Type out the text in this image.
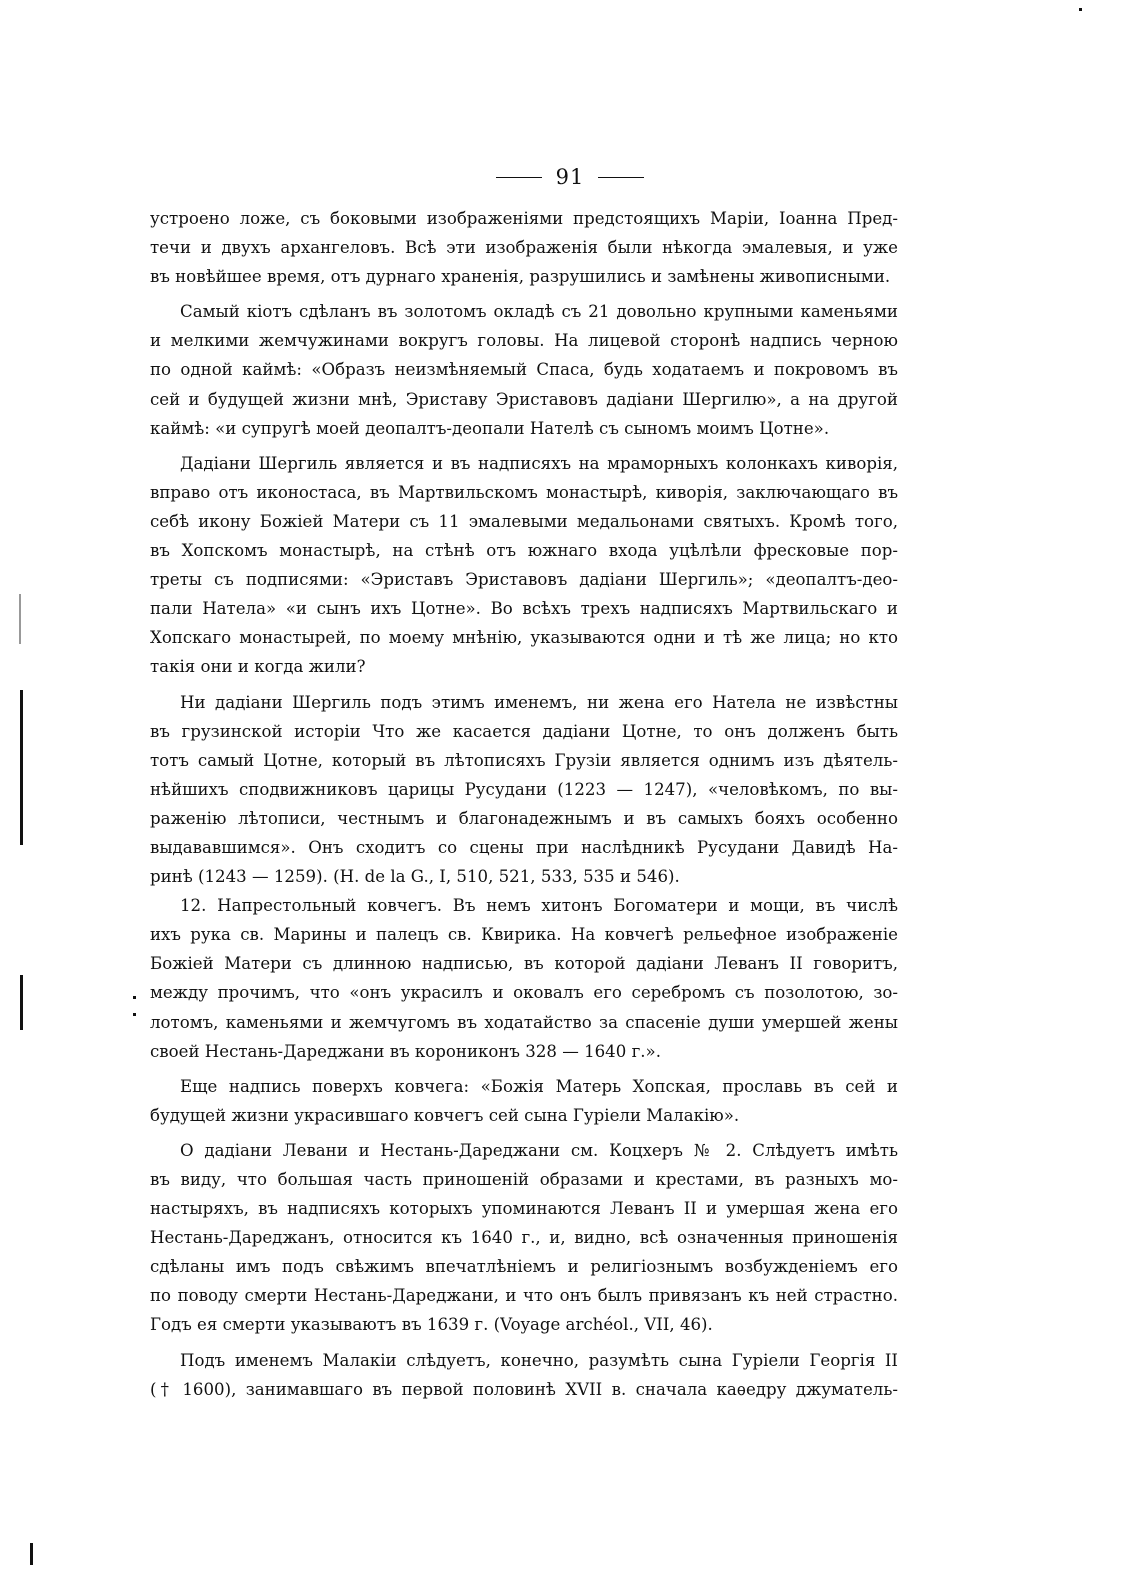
91
устроено ложе, съ боковыми изображеніями предстоящихъ Маріи, Іоанна Пред-
течи и двухъ архангеловъ. Всѣ эти изображенія были нѣкогда эмалевыя, и уже
въ новѣйшее время, отъ дурнаго храненія, разрушились и замѣнены живописными.
Самый кіотъ сдѣланъ въ золотомъ окладѣ съ 21 довольно крупными каменьями
и мелкими жемчужинами вокругъ головы. На лицевой сторонѣ надпись черною
по одной каймѣ: «Образъ неизмѣняемый Спаса, будь ходатаемъ и покровомъ въ
сей и будущей жизни мнѣ, Эриставу Эриставовъ дадіани Шергилю», а на другой
каймѣ: «и супругѣ моей деопалтъ-деопали Нателѣ съ сыномъ моимъ Цотне».
Дадіани Шергиль является и въ надписяхъ на мраморныхъ колонкахъ киворія,
вправо отъ иконостаса, въ Мартвильскомъ монастырѣ, киворія, заключающаго въ
себѣ икону Божіей Матери съ 11 эмалевыми медальонами святыхъ. Кромѣ того,
въ Хопскомъ монастырѣ, на стѣнѣ отъ южнаго входа уцѣлѣли фресковые пор-
треты съ подписями: «Эриставъ Эриставовъ дадіани Шергиль»; «деопалтъ-део-
пали Натела» «и сынъ ихъ Цотне». Во всѣхъ трехъ надписяхъ Мартвильскаго и
Хопскаго монастырей, по моему мнѣнію, указываются одни и тѣ же лица; но кто
такія они и когда жили?
Ни дадіани Шергиль подъ этимъ именемъ, ни жена его Натела не извѣстны
въ грузинской исторіи Что же касается дадіани Цотне, то онъ долженъ быть
тотъ самый Цотне, который въ лѣтописяхъ Грузіи является однимъ изъ дѣятель-
нѣйшихъ сподвижниковъ царицы Русудани (1223 — 1247), «человѣкомъ, по вы-
раженію лѣтописи, честнымъ и благонадежнымъ и въ самыхъ бояхъ особенно
выдававшимся». Онъ сходитъ со сцены при наслѣдникѣ Русудани Давидѣ На-
ринѣ (1243 — 1259). (H. de la G., I, 510, 521, 533, 535 и 546).
12. Напрестольный ковчегъ. Въ немъ хитонъ Богоматери и мощи, въ числѣ
ихъ рука св. Марины и палецъ св. Квирика. На ковчегѣ рельефное изображеніе
Божіей Матери съ длинною надписью, въ которой дадіани Леванъ II говоритъ,
между прочимъ, что «онъ украсилъ и оковалъ его серебромъ съ позолотою, зо-
лотомъ, каменьями и жемчугомъ въ ходатайство за спасеніе души умершей жены
своей Нестань-Дареджани въ корониконъ 328 — 1640 г.».
Еще надпись поверхъ ковчега: «Божія Матерь Хопская, прославь въ сей и
будущей жизни украсившаго ковчегъ сей сына Гуріели Малакію».
О дадіани Левани и Нестань-Дареджани см. Коцхеръ № 2. Слѣдуетъ имѣть
въ виду, что большая часть приношеній образами и крестами, въ разныхъ мо-
настыряхъ, въ надписяхъ которыхъ упоминаются Леванъ II и умершая жена его
Нестань-Дареджанъ, относится къ 1640 г., и, видно, всѣ означенныя приношенія
сдѣланы имъ подъ свѣжимъ впечатлѣніемъ и религіознымъ возбужденіемъ его
по поводу смерти Нестань-Дареджани, и что онъ былъ привязанъ къ ней страстно.
Годъ ея смерти указываютъ въ 1639 г. (Voyage archéol., VII, 46).
Подъ именемъ Малакіи слѣдуетъ, конечно, разумѣть сына Гуріели Георгія II
(† 1600), занимавшаго въ первой половинѣ XVII в. сначала каѳедру джуматель-
